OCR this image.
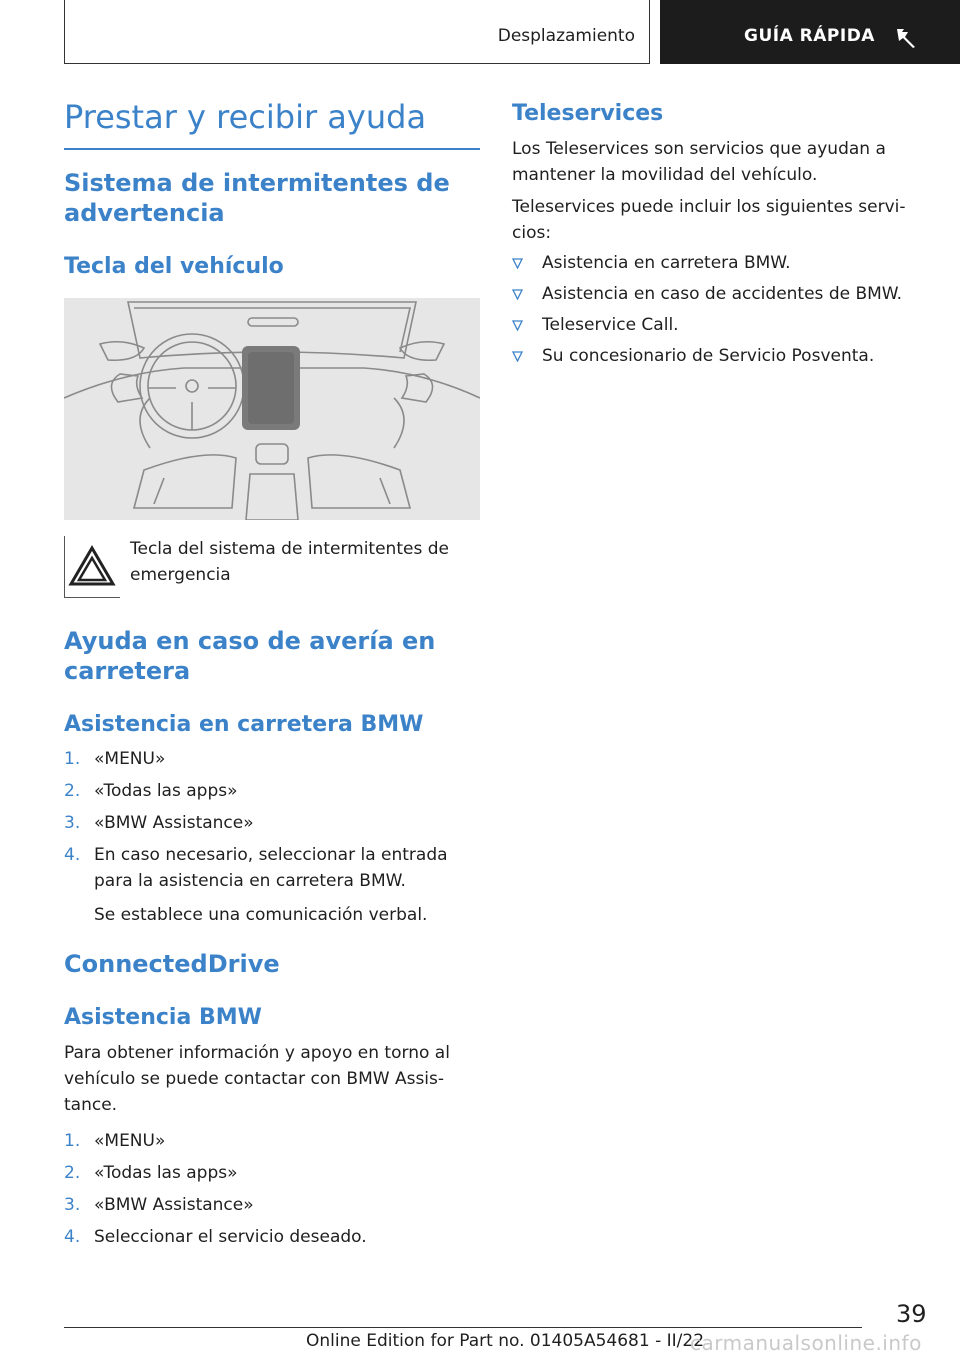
Desplazamiento	GUÍA RÁPIDA
Prestar y recibir ayuda
Sistema de intermitentes de advertencia
Tecla del vehículo

Tecla del sistema de intermitentes de emergencia

Ayuda en caso de avería en carretera
Asistencia en carretera BMW
1. «MENU»
2. «Todas las apps»
3. «BMW Assistance»
4. En caso necesario, seleccionar la entrada para la asistencia en carretera BMW.
Se establece una comunicación verbal.
ConnectedDrive
Asistencia BMW

Para obtener información y apoyo en torno al vehículo se puede contactar con BMW Assis-tance.

1. «MENU»
2. «Todas las apps»
3. «BMW Assistance»
4. Seleccionar el servicio deseado.
Teleservices

Los Teleservices son servicios que ayudan a mantener la movilidad del vehículo.

Teleservices puede incluir los siguientes servi-cios:

Asistencia en carretera BMW.
Asistencia en caso de accidentes de BMW.
Teleservice Call.
Su concesionario de Servicio Posventa.
39
Online Edition for Part no. 01405A54681 - II/22
carmanualsonline.info
